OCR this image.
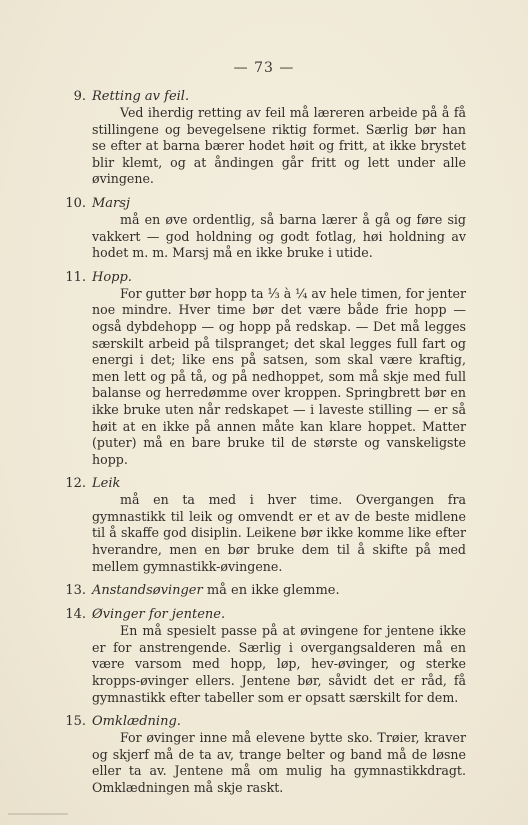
— 73 —
9. Retting av feil.
Ved iherdig retting av feil må læreren arbeide på å få stillingene og bevegelsene riktig formet. Særlig bør han se efter at barna bærer hodet høit og fritt, at ikke brystet blir klemt, og at åndingen går fritt og lett under alle øvingene.
10. Marsj
må en øve ordentlig, så barna lærer å gå og føre sig vakkert — god holdning og godt fotlag, høi holdning av hodet m. m. Marsj må en ikke bruke i utide.
11. Hopp.
For gutter bør hopp ta ⅓ à ¼ av hele timen, for jenter noe mindre. Hver time bør det være både frie hopp — også dybdehopp — og hopp på redskap. — Det må legges særskilt arbeid på tilspranget; det skal legges full fart og energi i det; like ens på satsen, som skal være kraftig, men lett og på tå, og på nedhoppet, som må skje med full balanse og herredømme over kroppen. Springbrett bør en ikke bruke uten når redskapet — i laveste stilling — er så høit at en ikke på annen måte kan klare hoppet. Matter (puter) må en bare bruke til de største og vanskeligste hopp.
12. Leik
må en ta med i hver time. Overgangen fra gymnastikk til leik og omvendt er et av de beste midlene til å skaffe god disiplin. Leikene bør ikke komme like efter hverandre, men en bør bruke dem til å skifte på med mellem gymnastikk-øvingene.
13. Anstandsøvinger må en ikke glemme.
14. Øvinger for jentene.
En må spesielt passe på at øvingene for jentene ikke er for anstrengende. Særlig i overgangsalderen må en være varsom med hopp, løp, hev-øvinger, og sterke kropps-øvinger ellers. Jentene bør, såvidt det er råd, få gymnastikk efter tabeller som er opsatt særskilt for dem.
15. Omklædning.
For øvinger inne må elevene bytte sko. Trøier, kraver og skjerf må de ta av, trange belter og band må de løsne eller ta av. Jentene må om mulig ha gymnastikkdragt. Omklædningen må skje raskt.
